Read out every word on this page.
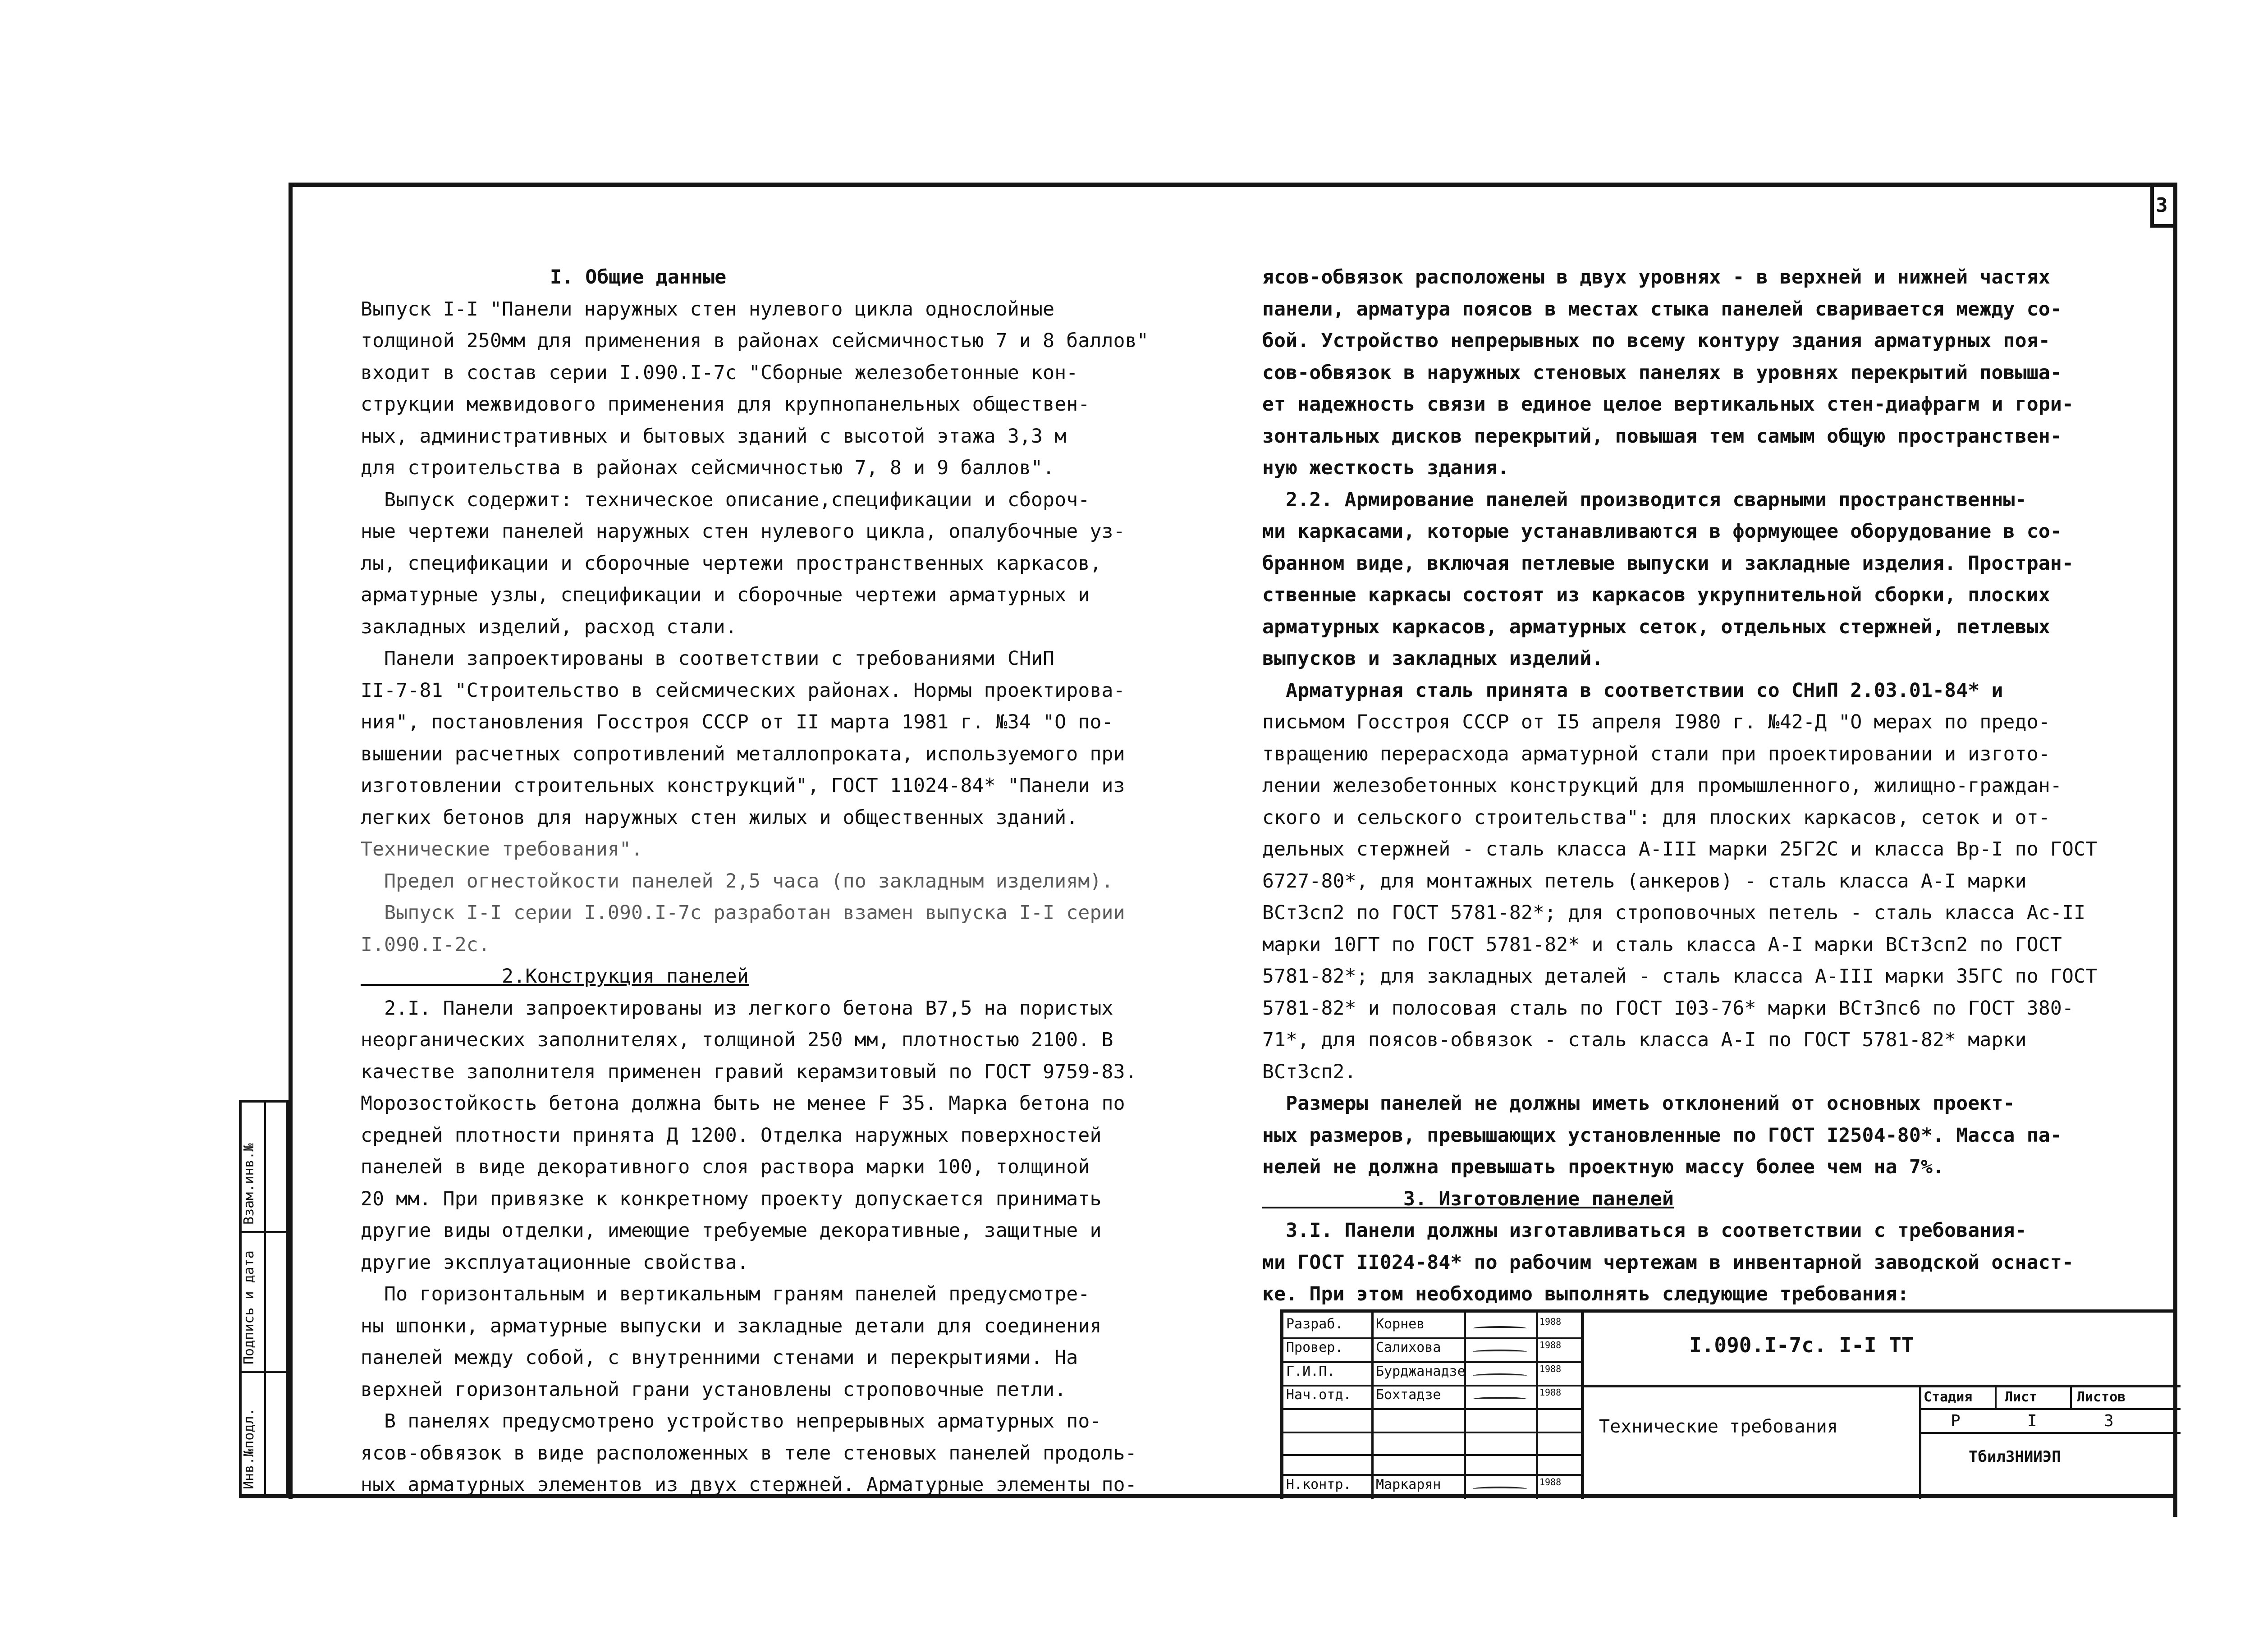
3
Взам.инв.№
Подпись и дата
Инв.№подл.

I. Общие данные

Выпуск I-I "Панели наружных стен нулевого цикла однослойные

толщиной 250мм для применения в районах сейсмичностью 7 и 8 баллов"

входит в состав серии I.090.I-7с "Сборные железобетонные кон-

струкции межвидового применения для крупнопанельных обществен-

ных, административных и бытовых зданий с высотой этажа 3,3 м

для строительства в районах сейсмичностью 7, 8 и 9 баллов".

Выпуск содержит: техническое описание,спецификации и сбороч-

ные чертежи панелей наружных стен нулевого цикла, опалубочные уз-

лы, спецификации и сборочные чертежи пространственных каркасов,

арматурные узлы, спецификации и сборочные чертежи арматурных и

закладных изделий, расход стали.

Панели запроектированы в соответствии с требованиями СНиП

II-7-81 "Строительство в сейсмических районах. Нормы проектирова-

ния", постановления Госстроя СССР от II марта 1981 г. №34 "О по-

вышении расчетных сопротивлений металлопроката, используемого при

изготовлении строительных конструкций", ГОСТ 11024-84* "Панели из

легких бетонов для наружных стен жилых и общественных зданий.

Технические требования".

Предел огнестойкости панелей 2,5 часа (по закладным изделиям).

Выпуск I-I серии I.090.I-7с разработан взамен выпуска I-I серии

I.090.I-2с.

2.Конструкция панелей

2.I. Панели запроектированы из легкого бетона В7,5 на пористых

неорганических заполнителях, толщиной 250 мм, плотностью 2100. В

качестве заполнителя применен гравий керамзитовый по ГОСТ 9759-83.

Морозостойкость бетона должна быть не менее F 35. Марка бетона по

средней плотности принята Д 1200. Отделка наружных поверхностей

панелей в виде декоративного слоя раствора марки 100, толщиной

20 мм. При привязке к конкретному проекту допускается принимать

другие виды отделки, имеющие требуемые декоративные, защитные и

другие эксплуатационные свойства.

По горизонтальным и вертикальным граням панелей предусмотре-

ны шпонки, арматурные выпуски и закладные детали для соединения

панелей между собой, с внутренними стенами и перекрытиями. На

верхней горизонтальной грани установлены строповочные петли.

В панелях предусмотрено устройство непрерывных арматурных по-

ясов-обвязок в виде расположенных в теле стеновых панелей продоль-

ных арматурных элементов из двух стержней. Арматурные элементы по-

ясов-обвязок расположены в двух уровнях - в верхней и нижней частях

панели, арматура поясов в местах стыка панелей сваривается между со-

бой. Устройство непрерывных по всему контуру здания арматурных поя-

сов-обвязок в наружных стеновых панелях в уровнях перекрытий повыша-

ет надежность связи в единое целое вертикальных стен-диафрагм и гори-

зонтальных дисков перекрытий, повышая тем самым общую пространствен-

ную жесткость здания.

2.2. Армирование панелей производится сварными пространственны-

ми каркасами, которые устанавливаются в формующее оборудование в со-

бранном виде, включая петлевые выпуски и закладные изделия. Простран-

ственные каркасы состоят из каркасов укрупнительной сборки, плоских

арматурных каркасов, арматурных сеток, отдельных стержней, петлевых

выпусков и закладных изделий.

Арматурная сталь принята в соответствии со СНиП 2.03.01-84* и

письмом Госстроя СССР от I5 апреля I980 г. №42-Д "О мерах по предо-

твращению перерасхода арматурной стали при проектировании и изгото-

лении железобетонных конструкций для промышленного, жилищно-граждан-

ского и сельского строительства": для плоских каркасов, сеток и от-

дельных стержней - сталь класса А-III марки 25Г2С и класса Вр-I по ГОСТ

6727-80*, для монтажных петель (анкеров) - сталь класса А-I марки

ВСт3сп2 по ГОСТ 5781-82*; для строповочных петель - сталь класса Ас-II

марки 10ГТ по ГОСТ 5781-82* и сталь класса А-I марки ВСт3сп2 по ГОСТ

5781-82*; для закладных деталей - сталь класса А-III марки 35ГС по ГОСТ

5781-82* и полосовая сталь по ГОСТ I03-76* марки ВСт3пс6 по ГОСТ 380-

71*, для поясов-обвязок - сталь класса А-I по ГОСТ 5781-82* марки

ВСт3сп2.

Размеры панелей не должны иметь отклонений от основных проект-

ных размеров, превышающих установленные по ГОСТ I2504-80*. Масса па-

нелей не должна превышать проектную массу более чем на 7%.

3. Изготовление панелей

3.I. Панели должны изготавливаться в соответствии с требования-

ми ГОСТ II024-84* по рабочим чертежам в инвентарной заводской оснаст-

ке. При этом необходимо выполнять следующие требования:

Разраб. Корнев	1988
Провер. Салихова	1988
Г.И.П.	Бурджанадзе	1988
Нач.отд. Бохтадзе	1988
Н.контр. Маркарян	1988
I.090.I-7с. I-I ТТ
Технические требования
Стадия Лист	Листов
Р	I	3
ТбилЗНИИЭП
